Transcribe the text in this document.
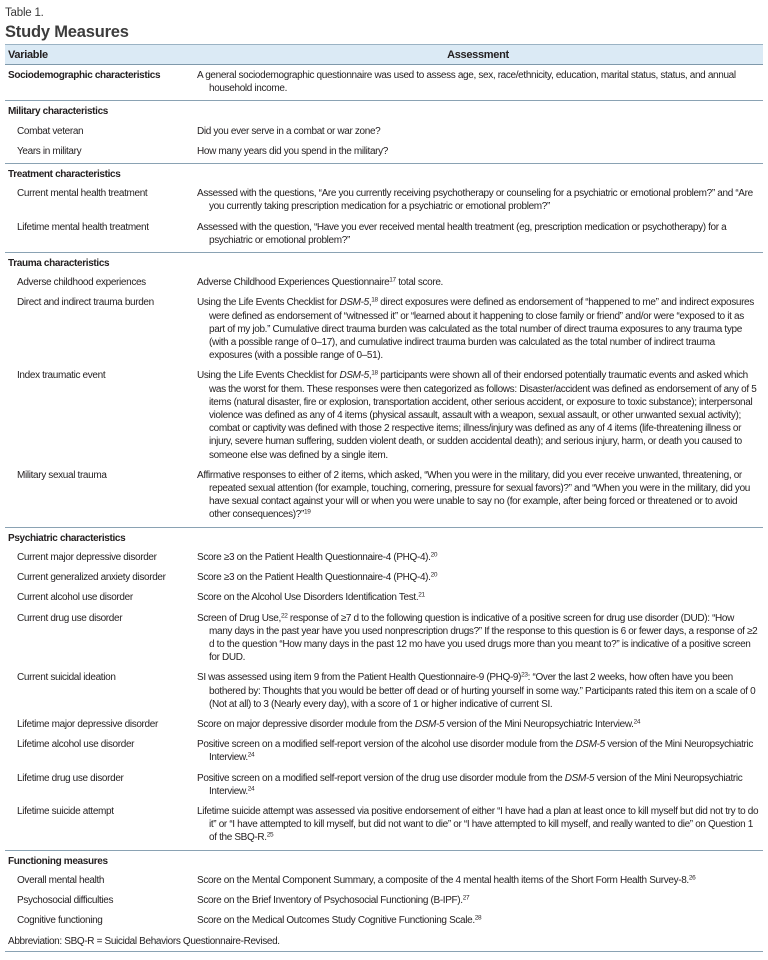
Table 1.
Study Measures
Variable	Assessment
Sociodemographic characteristics	A general sociodemographic questionnaire was used to assess age, sex, race/ethnicity, education, marital status, status, and annual household income.

Military characteristics	
Combat veteran	Did you ever serve in a combat or war zone?

Years in military	How many years did you spend in the military?

Treatment characteristics	
Current mental health treatment	Assessed with the questions, “Are you currently receiving psychotherapy or counseling for a psychiatric or emotional problem?” and “Are you currently taking prescription medication for a psychiatric or emotional problem?”

Lifetime mental health treatment	Assessed with the question, “Have you ever received mental health treatment (eg, prescription medication or psychotherapy) for a psychiatric or emotional problem?”

Trauma characteristics	
Adverse childhood experiences	Adverse Childhood Experiences Questionnaire$^{17}$ total score.

Direct and indirect trauma burden	Using the Life Events Checklist for DSM-5,18 direct exposures were defined as endorsement of “happened to me” and indirect exposures were defined as endorsement of “witnessed it” or “learned about it happening to close family or friend” and/or were “exposed to it as part of my job.” Cumulative direct trauma burden was calculated as the total number of direct trauma exposures to any trauma type (with a possible range of 0–17), and cumulative indirect trauma burden was calculated as the total number of indirect trauma exposures (with a possible range of 0–51).

Index traumatic event	Using the Life Events Checklist for DSM-5,18 participants were shown all of their endorsed potentially traumatic events and asked which was the worst for them. These responses were then categorized as follows: Disaster/accident was defined as endorsement of any of 5 items (natural disaster, fire or explosion, transportation accident, other serious accident, or exposure to toxic substance); interpersonal violence was defined as any of 4 items (physical assault, assault with a weapon, sexual assault, or other unwanted sexual activity); combat or captivity was defined with those 2 respective items; illness/injury was defined as any of 4 items (life-threatening illness or injury, severe human suffering, sudden violent death, or sudden accidental death); and serious injury, harm, or death you caused to someone else was defined by a single item.

Military sexual trauma	Affirmative responses to either of 2 items, which asked, “When you were in the military, did you ever receive unwanted, threatening, or repeated sexual attention (for example, touching, cornering, pressure for sexual favors)?” and “When you were in the military, did you have sexual contact against your will or when you were unable to say no (for example, after being forced or threatened or to avoid other consequences)?”$^{19}$

Psychiatric characteristics	
Current major depressive disorder	Score ≥3 on the Patient Health Questionnaire-4 (PHQ-4).$^{20}$

Current generalized anxiety disorder	Score ≥3 on the Patient Health Questionnaire-4 (PHQ-4).$^{20}$

Current alcohol use disorder	Score on the Alcohol Use Disorders Identification Test.$^{21}$

Current drug use disorder	Screen of Drug Use,$^{22}$ response of ≥7 d to the following question is indicative of a positive screen for drug use disorder (DUD): “How many days in the past year have you used nonprescription drugs?” If the response to this question is 6 or fewer days, a response of ≥2 d to the question “How many days in the past 12 mo have you used drugs more than you meant to?” is indicative of a positive screen for DUD.

Current suicidal ideation	SI was assessed using item 9 from the Patient Health Questionnaire-9 $(PHQ-9)^{23}$: “Over the last 2 weeks, how often have you been bothered by: Thoughts that you would be better off dead or of hurting yourself in some way.” Participants rated this item on a scale of 0 (Not at all) to 3 (Nearly every day), with a score of 1 or higher indicative of current SI.

Lifetime major depressive disorder	Score on major depressive disorder module from the DSM-5 version of the Mini Neuropsychiatric Interview.$^{24}$

Lifetime alcohol use disorder	Positive screen on a modified self-report version of the alcohol use disorder module from the DSM-5 version of the Mini Neuropsychiatric Interview.$^{24}$

Lifetime drug use disorder	Positive screen on a modified self-report version of the drug use disorder module from the DSM-5 version of the Mini Neuropsychiatric Interview.$^{24}$

Lifetime suicide attempt	Lifetime suicide attempt was assessed via positive endorsement of either “I have had a plan at least once to kill myself but did not try to do it” or “I have attempted to kill myself, but did not want to die” or “I have attempted to kill myself, and really wanted to die” on Question 1 of the SBQ-R.$^{25}$

Functioning measures	
Overall mental health	Score on the Mental Component Summary, a composite of the 4 mental health items of the Short Form Health Survey-8.26

Psychosocial difficulties	Score on the Brief Inventory of Psychosocial Functioning (B-IPF).$^{27}$

Cognitive functioning	Score on the Medical Outcomes Study Cognitive Functioning Scale.$^{28}$
Abbreviation: SBQ-R = Suicidal Behaviors Questionnaire-Revised.
